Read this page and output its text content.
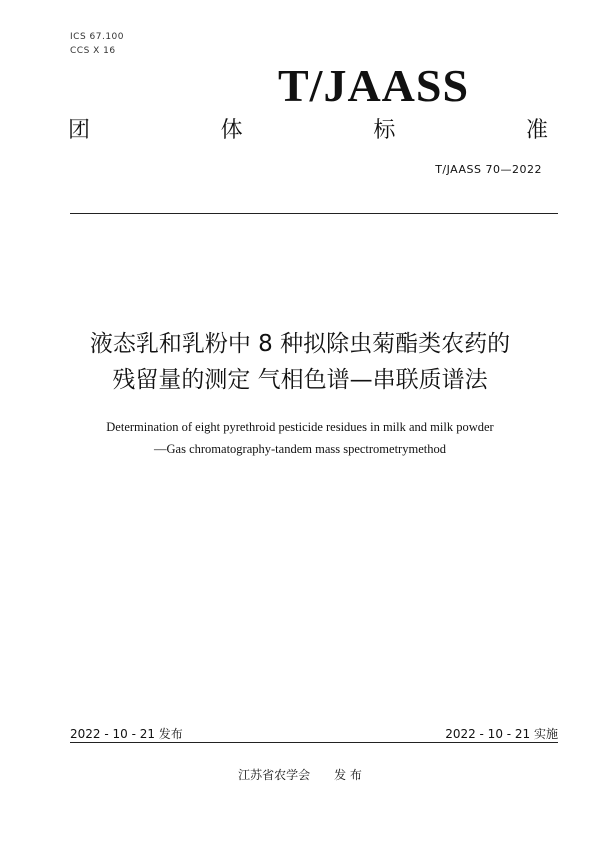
ICS 67.100
CCS X 16
T/JAASS
团	体	标	准
T/JAASS 70—2022
液态乳和乳粉中 8 种拟除虫菊酯类农药的
残留量的测定 气相色谱—串联质谱法
Determination of eight pyrethroid pesticide residues in milk and milk powder
—Gas chromatography-tandem mass spectrometrymethod
2022 - 10 - 21 发布	2022 - 10 - 21 实施
江苏省农学会 发 布
